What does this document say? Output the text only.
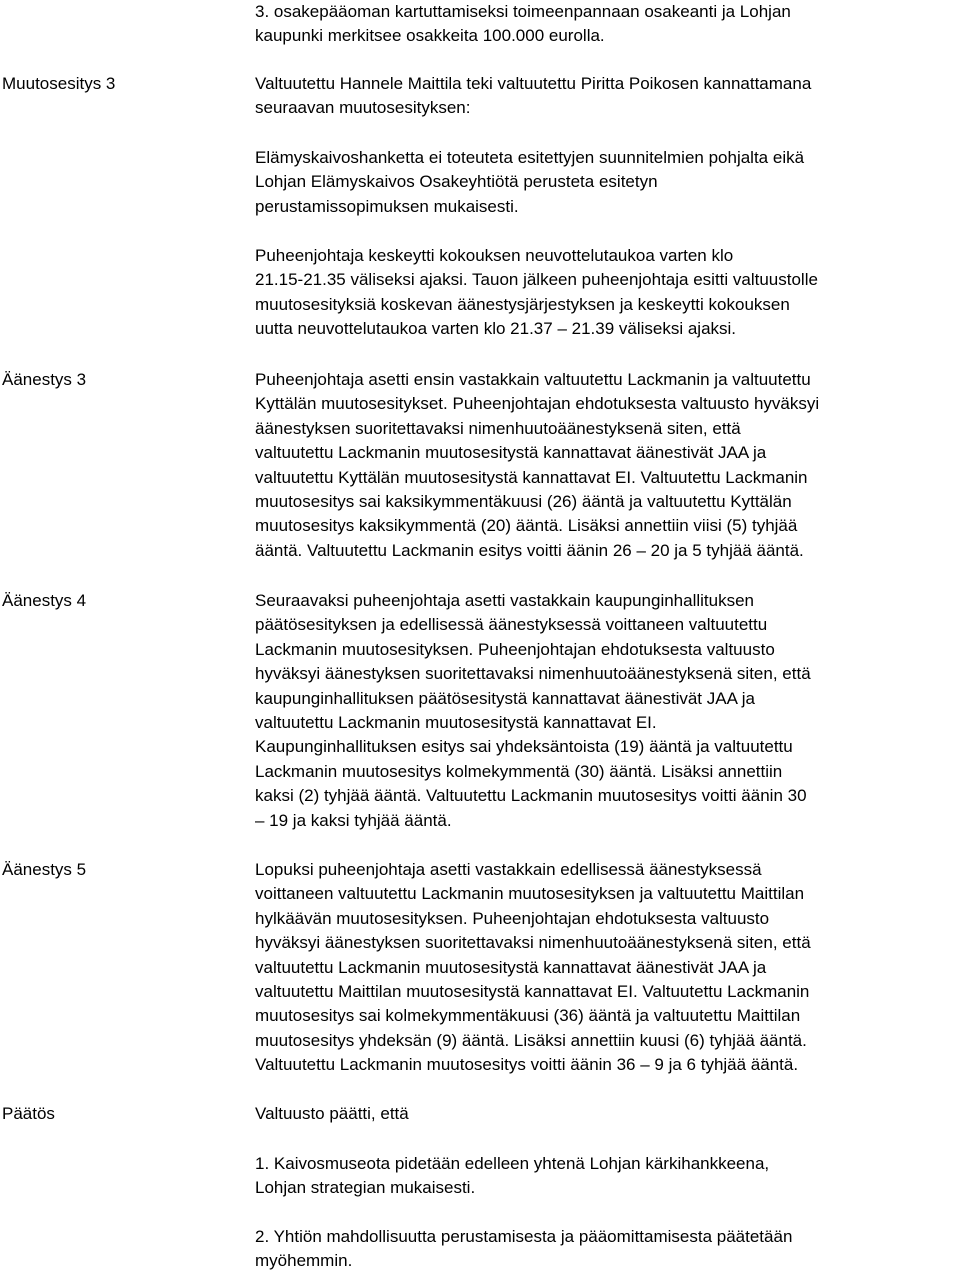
3. osakepääoman kartuttamiseksi toimeenpannaan osakeanti ja Lohjan
kaupunki merkitsee osakkeita 100.000 eurolla.
Muutosesitys 3	Valtuutettu Hannele Maittila teki valtuutettu Piritta Poikosen kannattamana
seuraavan muutosesityksen:
Elämyskaivoshanketta ei toteuteta esitettyjen suunnitelmien pohjalta eikä
Lohjan Elämyskaivos Osakeyhtiötä perusteta esitetyn
perustamissopimuksen mukaisesti.
Puheenjohtaja keskeytti kokouksen neuvottelutaukoa varten klo
21.15-21.35 väliseksi ajaksi. Tauon jälkeen puheenjohtaja esitti valtuustolle
muutosesityksiä koskevan äänestysjärjestyksen ja keskeytti kokouksen
uutta neuvottelutaukoa varten klo 21.37 – 21.39 väliseksi ajaksi.
Äänestys 3	Puheenjohtaja asetti ensin vastakkain valtuutettu Lackmanin ja valtuutettu
Kyttälän muutosesitykset. Puheenjohtajan ehdotuksesta valtuusto hyväksyi
äänestyksen suoritettavaksi nimenhuutoäänestyksenä siten, että
valtuutettu Lackmanin muutosesitystä kannattavat äänestivät JAA ja
valtuutettu Kyttälän muutosesitystä kannattavat EI. Valtuutettu Lackmanin
muutosesitys sai kaksikymmentäkuusi (26) ääntä ja valtuutettu Kyttälän
muutosesitys kaksikymmentä (20) ääntä. Lisäksi annettiin viisi (5) tyhjää
ääntä. Valtuutettu Lackmanin esitys voitti äänin 26 – 20 ja 5 tyhjää ääntä.
Äänestys 4	Seuraavaksi puheenjohtaja asetti vastakkain kaupunginhallituksen
päätösesityksen ja edellisessä äänestyksessä voittaneen valtuutettu
Lackmanin muutosesityksen. Puheenjohtajan ehdotuksesta valtuusto
hyväksyi äänestyksen suoritettavaksi nimenhuutoäänestyksenä siten, että
kaupunginhallituksen päätösesitystä kannattavat äänestivät JAA ja
valtuutettu Lackmanin muutosesitystä kannattavat EI.
Kaupunginhallituksen esitys sai yhdeksäntoista (19) ääntä ja valtuutettu
Lackmanin muutosesitys kolmekymmentä (30) ääntä. Lisäksi annettiin
kaksi (2) tyhjää ääntä. Valtuutettu Lackmanin muutosesitys voitti äänin 30
– 19 ja kaksi tyhjää ääntä.
Äänestys 5	Lopuksi puheenjohtaja asetti vastakkain edellisessä äänestyksessä
voittaneen valtuutettu Lackmanin muutosesityksen ja valtuutettu Maittilan
hylkäävän muutosesityksen. Puheenjohtajan ehdotuksesta valtuusto
hyväksyi äänestyksen suoritettavaksi nimenhuutoäänestyksenä siten, että
valtuutettu Lackmanin muutosesitystä kannattavat äänestivät JAA ja
valtuutettu Maittilan muutosesitystä kannattavat EI. Valtuutettu Lackmanin
muutosesitys sai kolmekymmentäkuusi (36) ääntä ja valtuutettu Maittilan
muutosesitys yhdeksän (9) ääntä. Lisäksi annettiin kuusi (6) tyhjää ääntä.
Valtuutettu Lackmanin muutosesitys voitti äänin 36 – 9 ja 6 tyhjää ääntä.
Päätös	Valtuusto päätti, että
1. Kaivosmuseota pidetään edelleen yhtenä Lohjan kärkihankkeena,
Lohjan strategian mukaisesti.
2. Yhtiön mahdollisuutta perustamisesta ja pääomittamisesta päätetään
myöhemmin.
